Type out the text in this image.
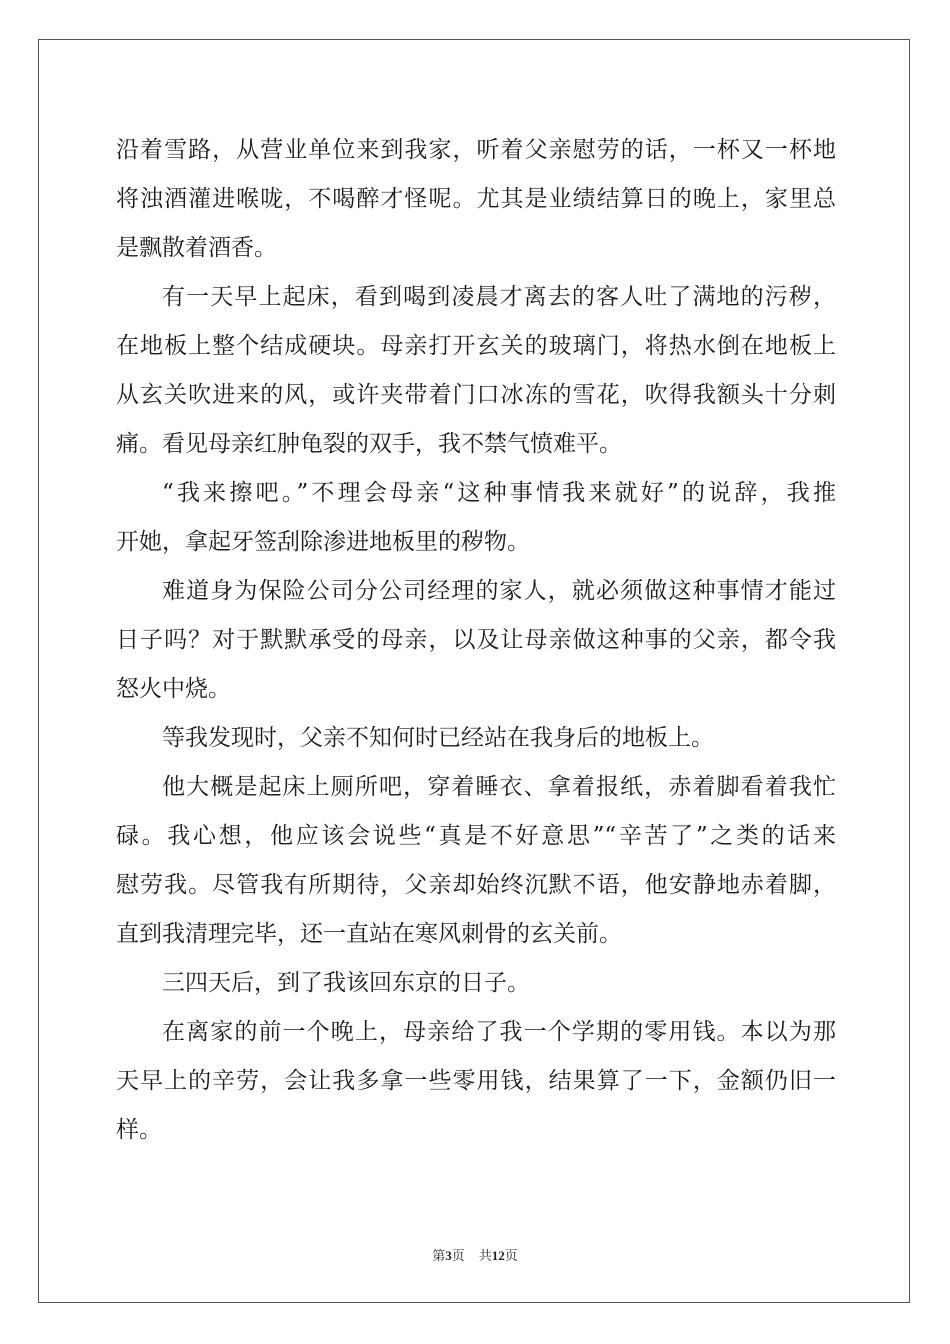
沿着雪路，从营业单位来到我家，听着父亲慰劳的话，一杯又一杯地
将浊酒灌进喉咙，不喝醉才怪呢。尤其是业绩结算日的晚上，家里总
是飘散着酒香。
有一天早上起床，看到喝到凌晨才离去的客人吐了满地的污秽，
在地板上整个结成硬块。母亲打开玄关的玻璃门，将热水倒在地板上
从玄关吹进来的风，或许夹带着门口冰冻的雪花，吹得我额头十分刺
痛。看见母亲红肿龟裂的双手，我不禁气愤难平。
“我来擦吧。”不理会母亲“这种事情我来就好”的说辞，我推
开她，拿起牙签刮除渗进地板里的秽物。
难道身为保险公司分公司经理的家人，就必须做这种事情才能过
日子吗？对于默默承受的母亲，以及让母亲做这种事的父亲，都令我
怒火中烧。
等我发现时，父亲不知何时已经站在我身后的地板上。
他大概是起床上厕所吧，穿着睡衣、拿着报纸，赤着脚看着我忙
碌。我心想，他应该会说些“真是不好意思”“辛苦了”之类的话来
慰劳我。尽管我有所期待，父亲却始终沉默不语，他安静地赤着脚，
直到我清理完毕，还一直站在寒风刺骨的玄关前。
三四天后，到了我该回东京的日子。
在离家的前一个晚上，母亲给了我一个学期的零用钱。本以为那
天早上的辛劳，会让我多拿一些零用钱，结果算了一下，金额仍旧一
样。
第3页 共12页
